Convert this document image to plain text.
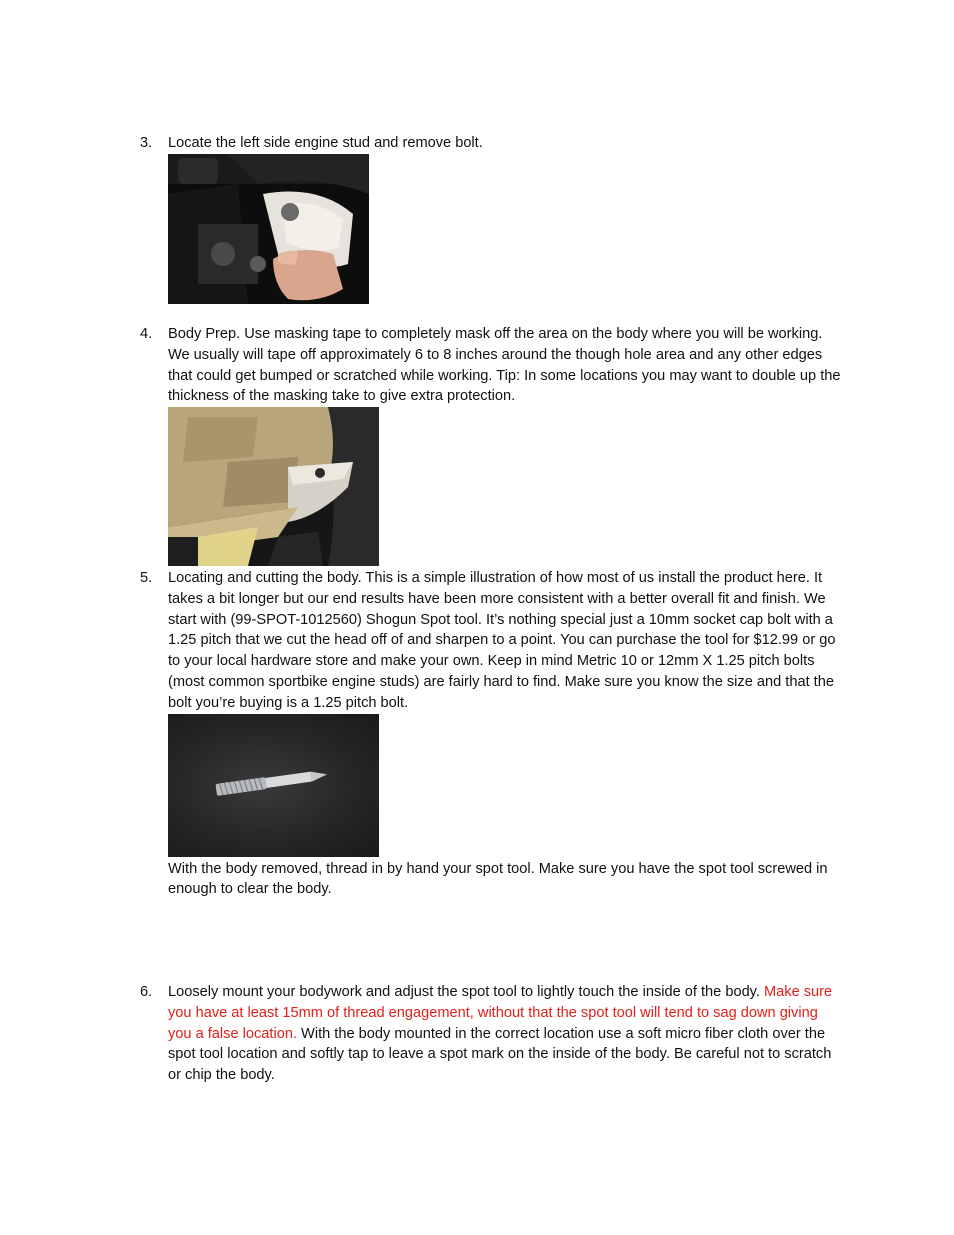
3.	Locate the left side engine stud and remove bolt.

4.	Body Prep. Use masking tape to completely mask off the area on the body where you will be working. We usually will tape off approximately 6 to 8 inches around the though hole area and any other edges that could get bumped or scratched while working. Tip: In some locations you may want to double up the thickness of the masking take to give extra protection.

5.	Locating and cutting the body. This is a simple illustration of how most of us install the product here. It takes a bit longer but our end results have been more consistent with a better overall fit and finish. We start with (99-SPOT-1012560) Shogun Spot tool. It’s nothing special just a 10mm socket cap bolt with a 1.25 pitch that we cut the head off of and sharpen to a point. You can purchase the tool for $12.99 or go to your local hardware store and make your own. Keep in mind Metric 10 or 12mm X 1.25 pitch bolts (most common sportbike engine studs) are fairly hard to find. Make sure you know the size and that the bolt you’re buying is a 1.25 pitch bolt.

With the body removed, thread in by hand your spot tool. Make sure you have the spot tool screwed in enough to clear the body.

6.	Loosely mount your bodywork and adjust the spot tool to lightly touch the inside of the body. Make sure you have at least 15mm of thread engagement, without that the spot tool will tend to sag down giving you a false location. With the body mounted in the correct location use a soft micro fiber cloth over the spot tool location and softly tap to leave a spot mark on the inside of the body. Be careful not to scratch or chip the body.
